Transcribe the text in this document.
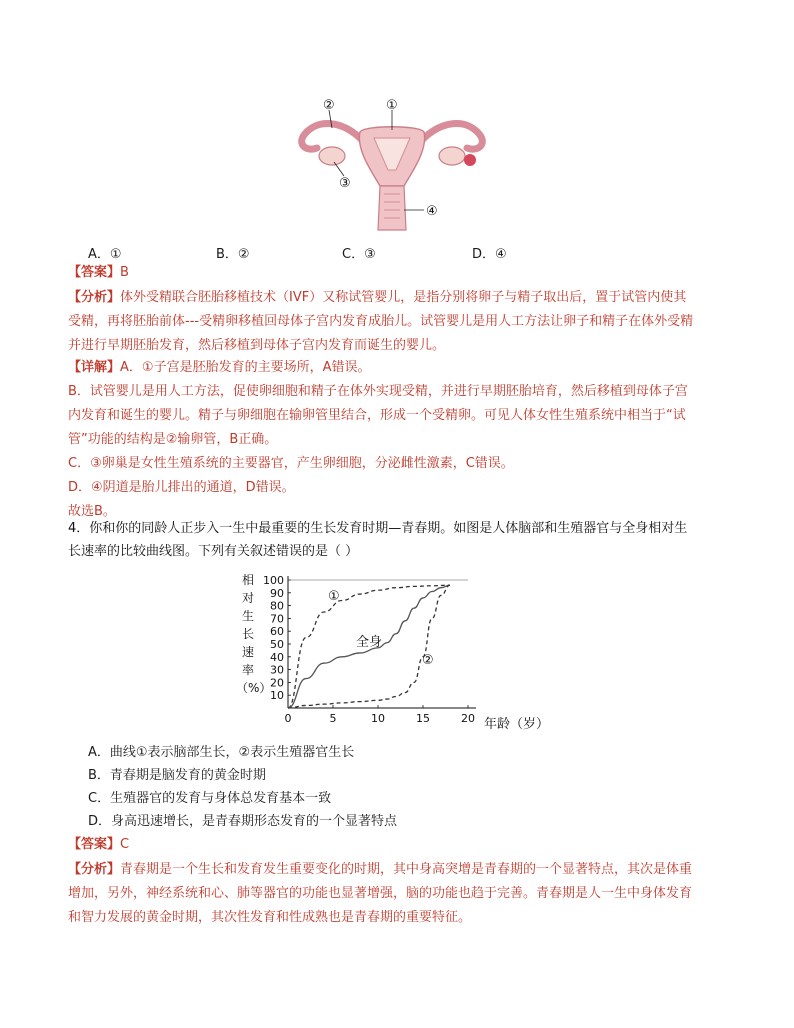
②	①
③
④
A．①	B．②	C．③	D．④
【答案】B
【分析】体外受精联合胚胎移植技术（IVF）又称试管婴儿，是指分别将卵子与精子取出后，置于试管内使其
受精，再将胚胎前体---受精卵移植回母体子宫内发育成胎儿。试管婴儿是用人工方法让卵子和精子在体外受精
并进行早期胚胎发育，然后移植到母体子宫内发育而诞生的婴儿。
【详解】A．①子宫是胚胎发育的主要场所，A错误。
B．试管婴儿是用人工方法，促使卵细胞和精子在体外实现受精，并进行早期胚胎培育，然后移植到母体子宫
内发育和诞生的婴儿。精子与卵细胞在输卵管里结合，形成一个受精卵。可见人体女性生殖系统中相当于“试
管”功能的结构是②输卵管，B正确。
C．③卵巢是女性生殖系统的主要器官，产生卵细胞，分泌雌性激素，C错误。
D．④阴道是胎儿排出的通道，D错误。
故选B。
4．你和你的同龄人正步入一生中最重要的生长发育时期—青春期。如图是人体脑部和生殖器官与全身相对生
长速率的比较曲线图。下列有关叙述错误的是（ ）
相
对
生
长
速
率
（%）
100
90
80
70
60
50
40
30
20
10
0	5	10	15	20 年龄（岁）
①
全身
②
A．曲线①表示脑部生长，②表示生殖器官生长
B．青春期是脑发育的黄金时期
C．生殖器官的发育与身体总发育基本一致
D．身高迅速增长，是青春期形态发育的一个显著特点
【答案】C
【分析】青春期是一个生长和发育发生重要变化的时期，其中身高突增是青春期的一个显著特点，其次是体重
增加，另外，神经系统和心、肺等器官的功能也显著增强，脑的功能也趋于完善。青春期是人一生中身体发育
和智力发展的黄金时期，其次性发育和性成熟也是青春期的重要特征。
